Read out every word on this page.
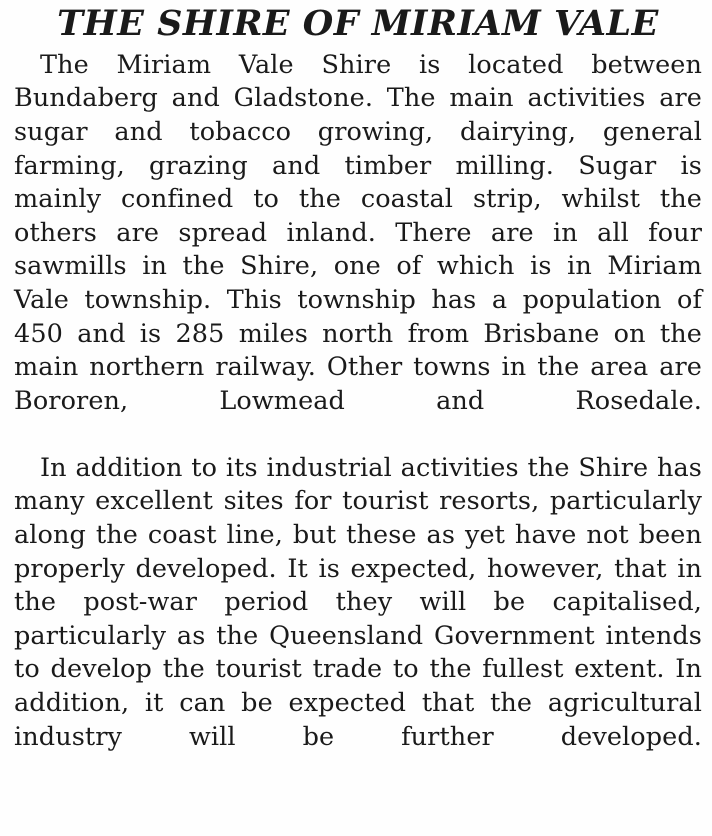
THE SHIRE OF MIRIAM VALE

The Miriam Vale Shire is located between Bundaberg and Gladstone. The main activities are sugar and tobacco growing, dairying, general farming, grazing and timber milling. Sugar is mainly confined to the coastal strip, whilst the others are spread inland. There are in all four sawmills in the Shire, one of which is in Miriam Vale township. This township has a population of 450 and is 285 miles north from Brisbane on the main northern railway. Other towns in the area are Bororen, Lowmead and Rosedale.

In addition to its industrial activities the Shire has many excellent sites for tourist resorts, particularly along the coast line, but these as yet have not been properly developed. It is expected, however, that in the post-war period they will be capitalised, particularly as the Queensland Government intends to develop the tourist trade to the fullest extent. In addition, it can be expected that the agricultural industry will be further developed.
